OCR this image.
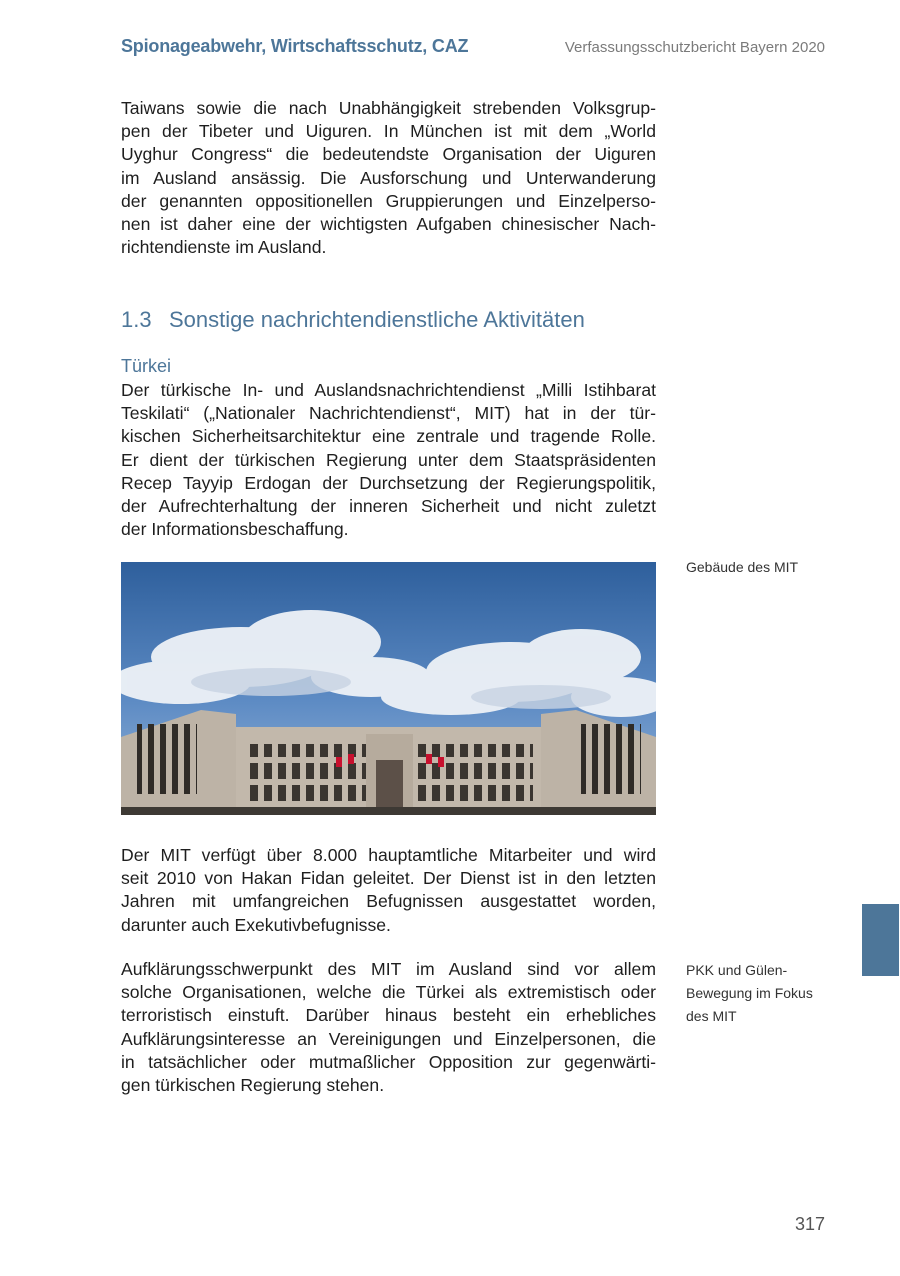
Spionageabwehr, Wirtschaftsschutz, CAZ	Verfassungsschutzbericht Bayern 2020

Taiwans sowie die nach Unabhängigkeit strebenden Volksgrup-
pen der Tibeter und Uiguren. In München ist mit dem „World
Uyghur Congress“ die bedeutendste Organisation der Uiguren
im Ausland ansässig. Die Ausforschung und Unterwanderung
der genannten oppositionellen Gruppierungen und Einzelperso-
nen ist daher eine der wichtigsten Aufgaben chinesischer Nach-
richtendienste im Ausland.

1.3 Sonstige nachrichtendienstliche Aktivitäten
Türkei

Der türkische In- und Auslandsnachrichtendienst „Milli Istihbarat
Teskilati“ („Nationaler Nachrichtendienst“, MIT) hat in der tür-
kischen Sicherheitsarchitektur eine zentrale und tragende Rolle.
Er dient der türkischen Regierung unter dem Staatspräsidenten
Recep Tayyip Erdogan der Durchsetzung der Regierungspolitik,
der Aufrechterhaltung der inneren Sicherheit und nicht zuletzt
der Informationsbeschaffung.

Gebäude des MIT

Der MIT verfügt über 8.000 hauptamtliche Mitarbeiter und wird
seit 2010 von Hakan Fidan geleitet. Der Dienst ist in den letzten
Jahren mit umfangreichen Befugnissen ausgestattet worden,
darunter auch Exekutivbefugnisse.

Aufklärungsschwerpunkt des MIT im Ausland sind vor allem
solche Organisationen, welche die Türkei als extremistisch oder
terroristisch einstuft. Darüber hinaus besteht ein erhebliches
Aufklärungsinteresse an Vereinigungen und Einzelpersonen, die
in tatsächlicher oder mutmaßlicher Opposition zur gegenwärti-
gen türkischen Regierung stehen.

PKK und Gülen-
Bewegung im Fokus
des MIT
317
